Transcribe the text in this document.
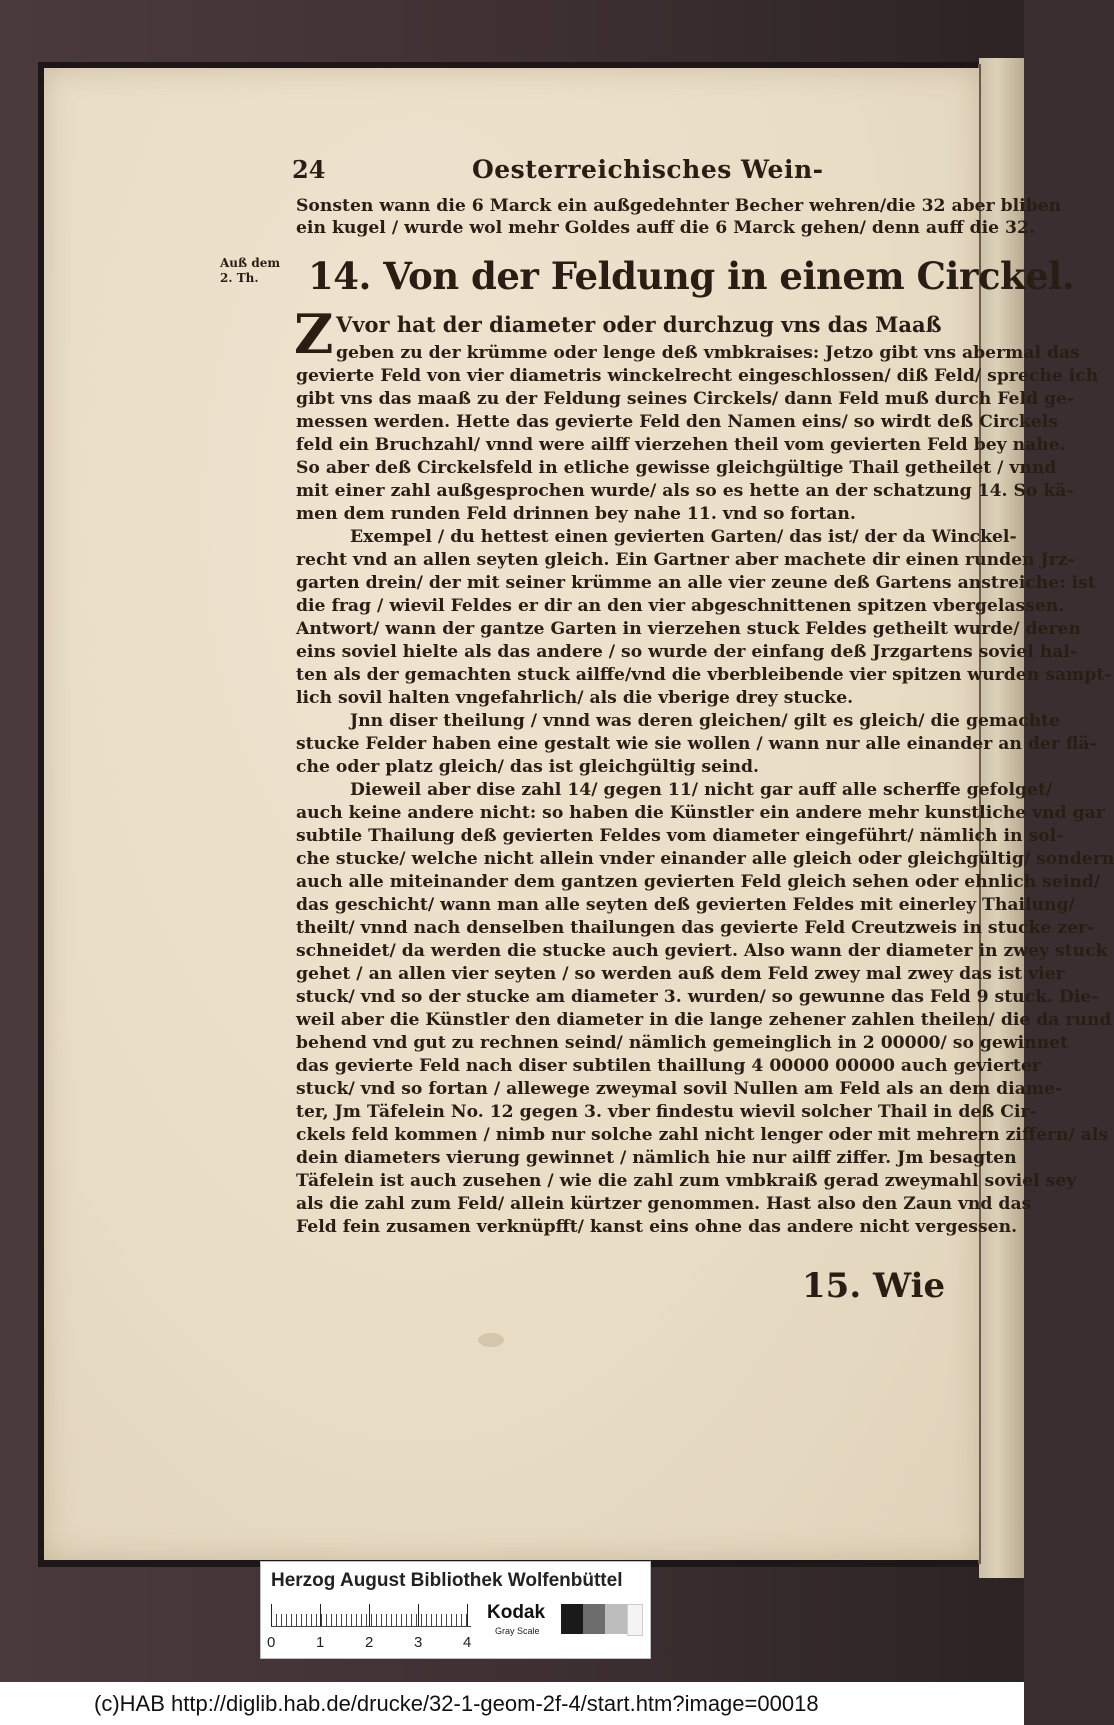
24	Oesterreichisches Wein-
Sonsten wann die 6 Marck ein außgedehnter Becher wehren/die 32 aber bliben
ein kugel / wurde wol mehr Goldes auff die 6 Marck gehen/ denn auff die 32.
Auß dem 2. Th.	14. Von der Feldung in einem Circkel.
Z Vvor hat der diameter oder durchzug vns das Maaß
geben zu der krümme oder lenge deß vmbkraises: Jetzo gibt vns abermal das
gevierte Feld von vier diametris winckelrecht eingeschlossen/ diß Feld/ spreche ich
gibt vns das maaß zu der Feldung seines Circkels/ dann Feld muß durch Feld ge-
messen werden. Hette das gevierte Feld den Namen eins/ so wirdt deß Circkels
feld ein Bruchzahl/ vnnd were ailff vierzehen theil vom gevierten Feld bey nahe.
So aber deß Circkelsfeld in etliche gewisse gleichgültige Thail getheilet / vnnd
mit einer zahl außgesprochen wurde/ als so es hette an der schatzung 14. So kä-
men dem runden Feld drinnen bey nahe 11. vnd so fortan.
Exempel / du hettest einen gevierten Garten/ das ist/ der da Winckel-
recht vnd an allen seyten gleich. Ein Gartner aber machete dir einen runden Jrz-
garten drein/ der mit seiner krümme an alle vier zeune deß Gartens anstreiche: ist
die frag / wievil Feldes er dir an den vier abgeschnittenen spitzen vbergelassen.
Antwort/ wann der gantze Garten in vierzehen stuck Feldes getheilt wurde/ deren
eins soviel hielte als das andere / so wurde der einfang deß Jrzgartens soviel hal-
ten als der gemachten stuck ailffe/vnd die vberbleibende vier spitzen wurden sampt-
lich sovil halten vngefahrlich/ als die vberige drey stucke.
Jnn diser theilung / vnnd was deren gleichen/ gilt es gleich/ die gemachte
stucke Felder haben eine gestalt wie sie wollen / wann nur alle einander an der flä-
che oder platz gleich/ das ist gleichgültig seind.
Dieweil aber dise zahl 14/ gegen 11/ nicht gar auff alle scherffe gefolget/
auch keine andere nicht: so haben die Künstler ein andere mehr kunstliche vnd gar
subtile Thailung deß gevierten Feldes vom diameter eingeführt/ nämlich in sol-
che stucke/ welche nicht allein vnder einander alle gleich oder gleichgültig/ sondern
auch alle miteinander dem gantzen gevierten Feld gleich sehen oder ehnlich seind/
das geschicht/ wann man alle seyten deß gevierten Feldes mit einerley Thailung/
theilt/ vnnd nach denselben thailungen das gevierte Feld Creutzweis in stucke zer-
schneidet/ da werden die stucke auch geviert. Also wann der diameter in zwey stuck
gehet / an allen vier seyten / so werden auß dem Feld zwey mal zwey das ist vier
stuck/ vnd so der stucke am diameter 3. wurden/ so gewunne das Feld 9 stuck. Die-
weil aber die Künstler den diameter in die lange zehener zahlen theilen/ die da rund
behend vnd gut zu rechnen seind/ nämlich gemeinglich in 2 00000/ so gewinnet
das gevierte Feld nach diser subtilen thaillung 4 00000 00000 auch gevierter
stuck/ vnd so fortan / allewege zweymal sovil Nullen am Feld als an dem diame-
ter, Jm Täfelein No. 12 gegen 3. vber findestu wievil solcher Thail in deß Cir-
ckels feld kommen / nimb nur solche zahl nicht lenger oder mit mehrern ziffern/ als
dein diameters vierung gewinnet / nämlich hie nur ailff ziffer. Jm besagten
Täfelein ist auch zusehen / wie die zahl zum vmbkraiß gerad zweymahl soviel sey
als die zahl zum Feld/ allein kürtzer genommen. Hast also den Zaun vnd das
Feld fein zusamen verknüpfft/ kanst eins ohne das andere nicht vergessen.
15. Wie
Herzog August Bibliothek Wolfenbüttel
0	1	2	3	4
Kodak
Gray Scale
(c)HAB http://diglib.hab.de/drucke/32-1-geom-2f-4/start.htm?image=00018
